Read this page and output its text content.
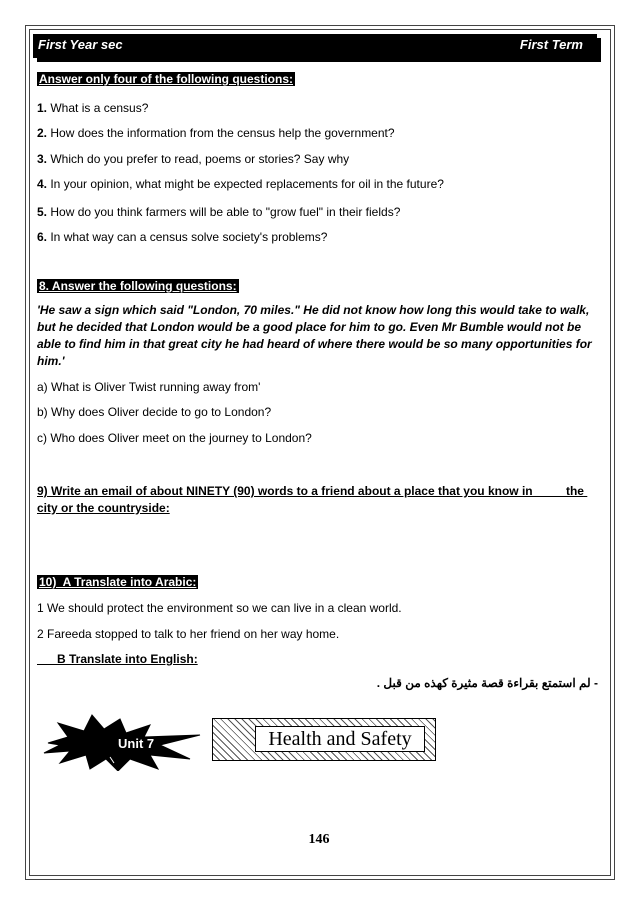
First Year sec	First Term
Answer only four of the following questions:
1. What is a census?
2. How does the information from the census help the government?
3. Which do you prefer to read, poems or stories? Say why
4. In your opinion, what might be expected replacements for oil in the future?
5. How do you think farmers will be able to "grow fuel" in their fields?
6. In what way can a census solve society's problems?
8. Answer the following questions:
'He saw a sign which said "London, 70 miles." He did not know how long this would take to walk, but he decided that London would be a good place for him to go. Even Mr Bumble would not be able to find him in that great city he had heard of where there would be so many opportunities for him.'
a) What is Oliver Twist running away from'
b) Why does Oliver decide to go to London?
c) Who does Oliver meet on the journey to London?
9) Write an email of about NINETY (90) words to a friend about a place that you know in          the city or the countryside:
10)  A Translate into Arabic:
1 We should protect the environment so we can live in a clean world.
2 Fareeda stopped to talk to her friend on her way home.
B Translate into English:
- لم استمتع بقراءة قصة مثيرة كهذه من قبل .
Unit 7	Health and Safety
146
